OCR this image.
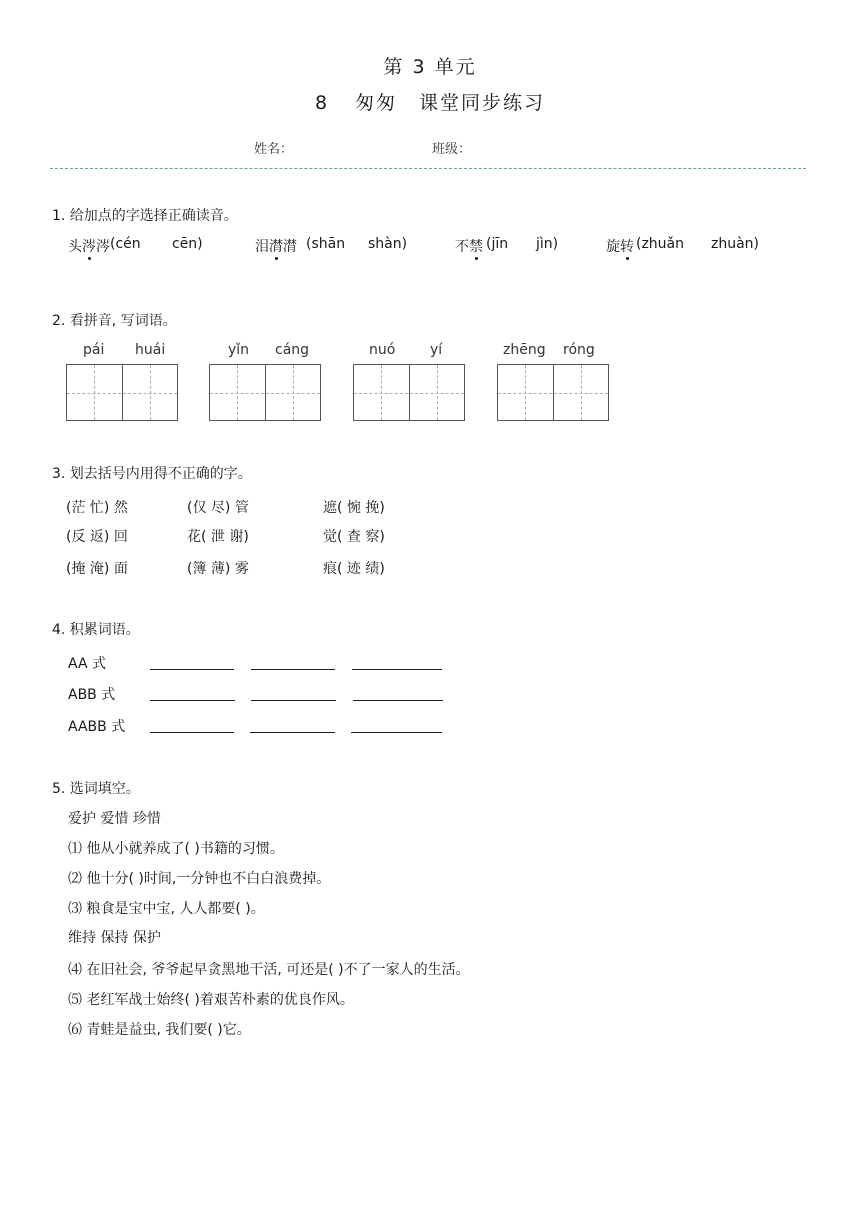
第 3 单元
8 匆匆 课堂同步练习
姓名：	班级：
1. 给加点的字选择正确读音。
头涔涔 (cén cēn)	泪潸潸 (shān shàn)	不禁 (jīn jìn)	旋转 (zhuǎn zhuàn)
2. 看拼音, 写词语。
pái huái	yǐn cáng	nuó yí	zhēng róng
3. 划去括号内用得不正确的字。
(茫 忙) 然	(仅 尽) 管	遮( 惋 挽)
(反 返) 回	花( 泄 谢)	觉( 查 察)
(掩 淹) 面	(簿 薄) 雾	痕( 迹 绩)
4. 积累词语。
AA 式
ABB 式
AABB 式
5. 选词填空。
爱护 爱惜 珍惜
⑴ 他从小就养成了( )书籍的习惯。
⑵ 他十分( )时间,一分钟也不白白浪费掉。
⑶ 粮食是宝中宝, 人人都要( )。
维持 保持 保护
⑷ 在旧社会, 爷爷起早贪黑地干活, 可还是( )不了一家人的生活。
⑸ 老红军战士始终( )着艰苦朴素的优良作风。
⑹ 青蛙是益虫, 我们要( )它。
